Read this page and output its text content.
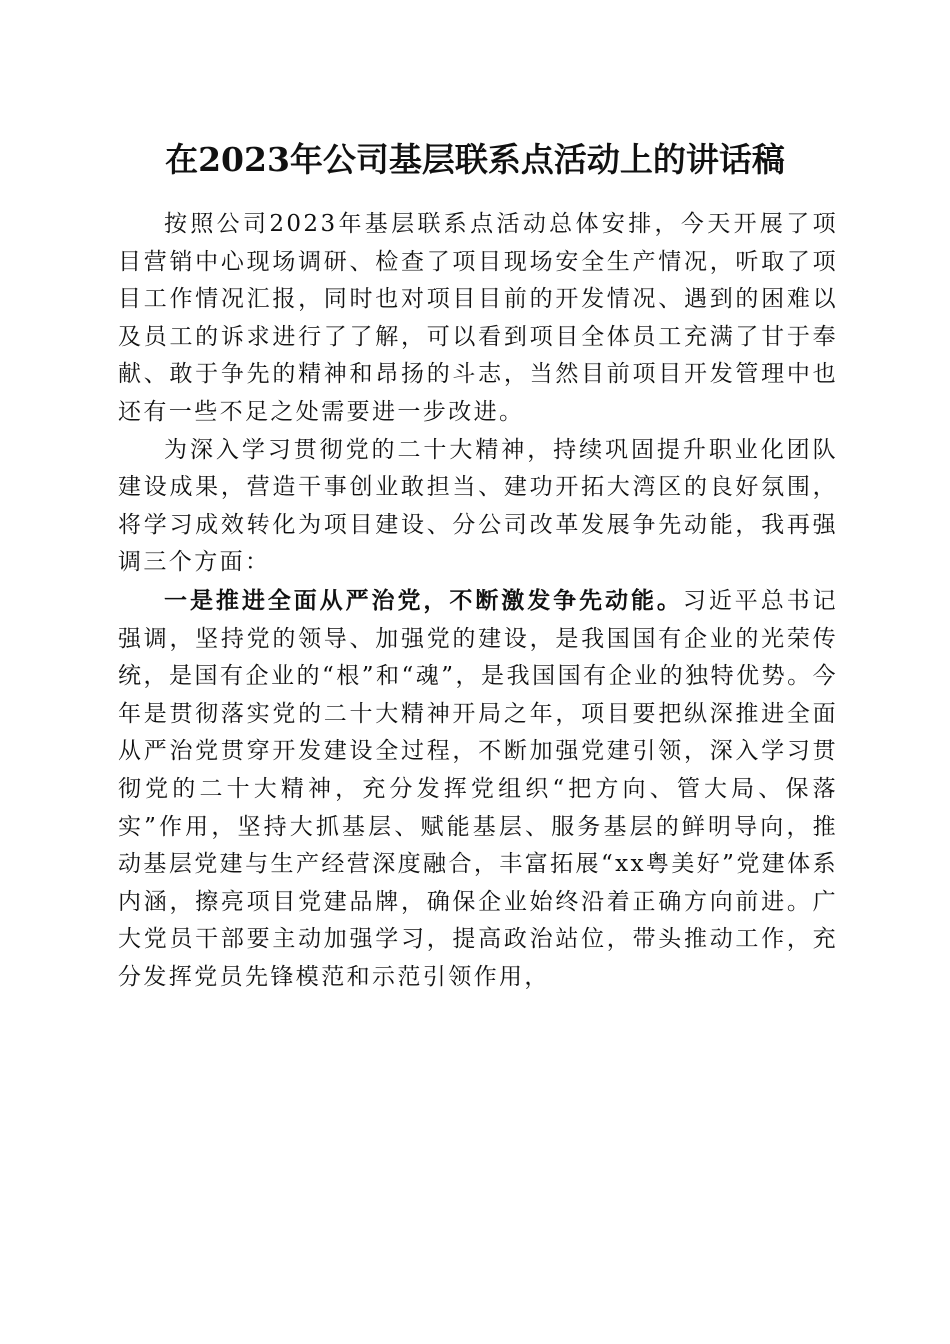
在2023年公司基层联系点活动上的讲话稿

按照公司2023年基层联系点活动总体安排，今天开展了项目营销中心现场调研、检查了项目现场安全生产情况，听取了项目工作情况汇报，同时也对项目目前的开发情况、遇到的困难以及员工的诉求进行了了解，可以看到项目全体员工充满了甘于奉献、敢于争先的精神和昂扬的斗志，当然目前项目开发管理中也还有一些不足之处需要进一步改进。

为深入学习贯彻党的二十大精神，持续巩固提升职业化团队建设成果，营造干事创业敢担当、建功开拓大湾区的良好氛围，将学习成效转化为项目建设、分公司改革发展争先动能，我再强调三个方面：

一是推进全面从严治党，不断激发争先动能。习近平总书记强调，坚持党的领导、加强党的建设，是我国国有企业的光荣传统，是国有企业的“根”和“魂”，是我国国有企业的独特优势。今年是贯彻落实党的二十大精神开局之年，项目要把纵深推进全面从严治党贯穿开发建设全过程，不断加强党建引领，深入学习贯彻党的二十大精神，充分发挥党组织“把方向、管大局、保落实”作用，坚持大抓基层、赋能基层、服务基层的鲜明导向，推动基层党建与生产经营深度融合，丰富拓展“xx粤美好”党建体系内涵，擦亮项目党建品牌，确保企业始终沿着正确方向前进。广大党员干部要主动加强学习，提高政治站位，带头推动工作，充分发挥党员先锋模范和示范引领作用，
